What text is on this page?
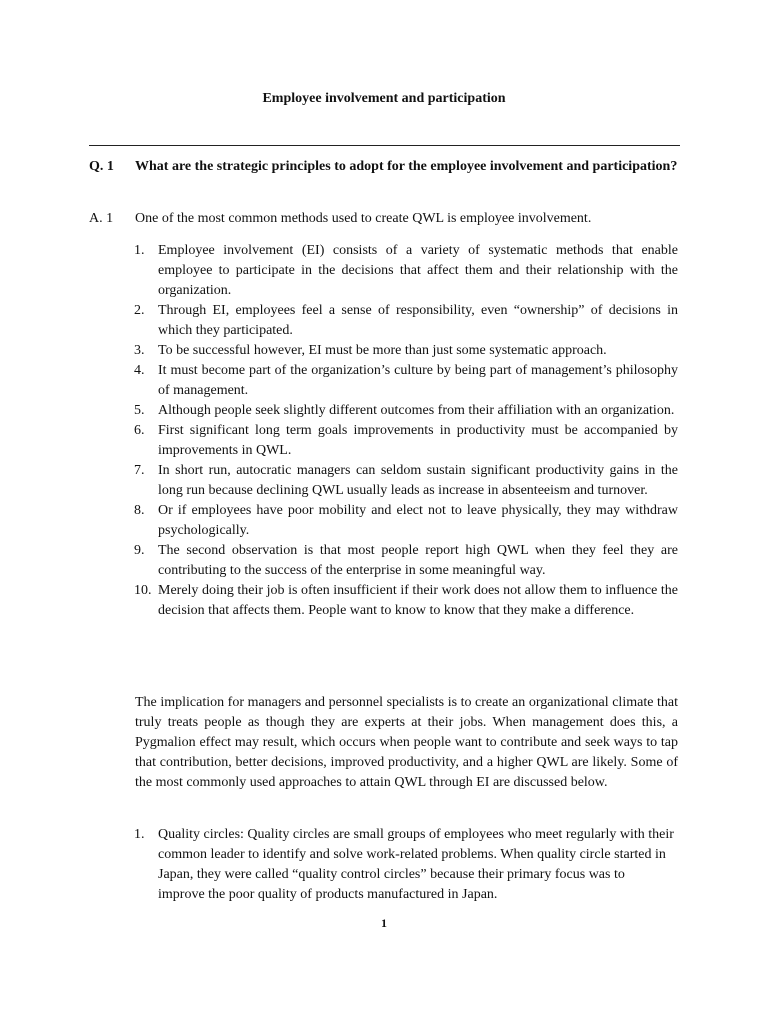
Employee involvement and participation
Q. 1	What are the strategic principles to adopt for the employee involvement and participation?
A. 1	One of the most common methods used to create QWL is employee involvement.
1. Employee involvement (EI) consists of a variety of systematic methods that enable employee to participate in the decisions that affect them and their relationship with the organization.
2. Through EI, employees feel a sense of responsibility, even “ownership” of decisions in which they participated.
3. To be successful however, EI must be more than just some systematic approach.
4. It must become part of the organization’s culture by being part of management’s philosophy of management.
5. Although people seek slightly different outcomes from their affiliation with an organization.
6. First significant long term goals improvements in productivity must be accompanied by improvements in QWL.
7. In short run, autocratic managers can seldom sustain significant productivity gains in the long run because declining QWL usually leads as increase in absenteeism and turnover.
8. Or if employees have poor mobility and elect not to leave physically, they may withdraw psychologically.
9. The second observation is that most people report high QWL when they feel they are contributing to the success of the enterprise in some meaningful way.
10. Merely doing their job is often insufficient if their work does not allow them to influence the decision that affects them. People want to know to know that they make a difference.

The implication for managers and personnel specialists is to create an organizational climate that truly treats people as though they are experts at their jobs. When management does this, a Pygmalion effect may result, which occurs when people want to contribute and seek ways to tap that contribution, better decisions, improved productivity, and a higher QWL are likely. Some of the most commonly used approaches to attain QWL through EI are discussed below.

1. Quality circles: Quality circles are small groups of employees who meet regularly with their common leader to identify and solve work-related problems. When quality circle started in Japan, they were called “quality control circles” because their primary focus was to improve the poor quality of products manufactured in Japan.
1
